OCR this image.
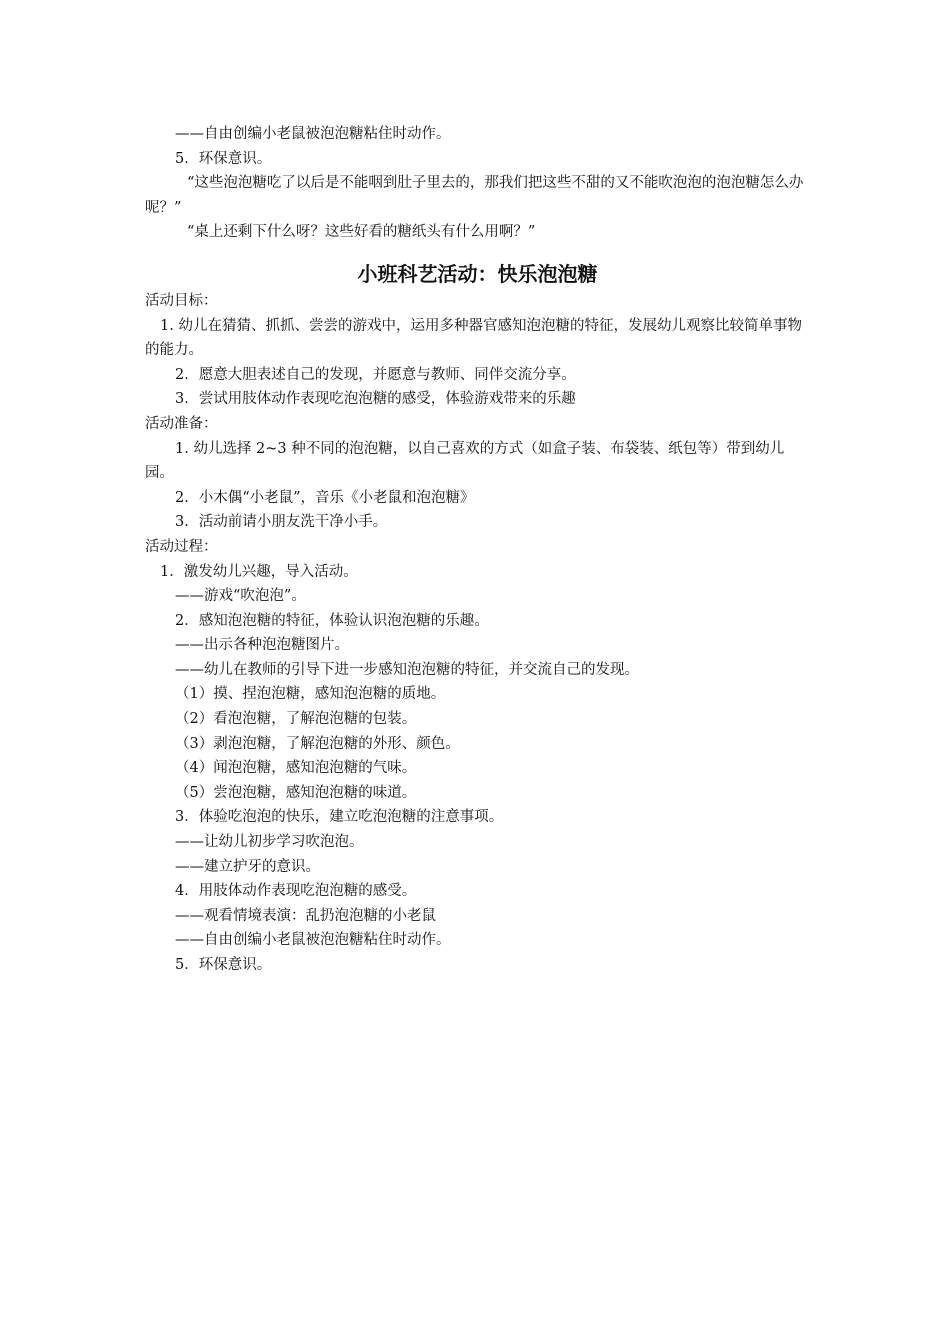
——自由创编小老鼠被泡泡糖粘住时动作。

5．环保意识。

“这些泡泡糖吃了以后是不能咽到肚子里去的，那我们把这些不甜的又不能吹泡泡的泡泡糖怎么办呢？”

“桌上还剩下什么呀？这些好看的糖纸头有什么用啊？”

小班科艺活动：快乐泡泡糖

活动目标：

1. 幼儿在猜猜、抓抓、尝尝的游戏中，运用多种器官感知泡泡糖的特征，发展幼儿观察比较简单事物的能力。

2．愿意大胆表述自己的发现，并愿意与教师、同伴交流分享。

3．尝试用肢体动作表现吃泡泡糖的感受，体验游戏带来的乐趣

活动准备：

1. 幼儿选择 2~3 种不同的泡泡糖，以自己喜欢的方式（如盒子装、布袋装、纸包等）带到幼儿园。

2．小木偶“小老鼠”，音乐《小老鼠和泡泡糖》

3．活动前请小朋友洗干净小手。

活动过程：

1．激发幼儿兴趣，导入活动。

——游戏“吹泡泡”。

2．感知泡泡糖的特征，体验认识泡泡糖的乐趣。

——出示各种泡泡糖图片。

——幼儿在教师的引导下进一步感知泡泡糖的特征，并交流自己的发现。

（1）摸、捏泡泡糖，感知泡泡糖的质地。

（2）看泡泡糖，了解泡泡糖的包装。

（3）剥泡泡糖，了解泡泡糖的外形、颜色。

（4）闻泡泡糖，感知泡泡糖的气味。

（5）尝泡泡糖，感知泡泡糖的味道。

3．体验吃泡泡的快乐，建立吃泡泡糖的注意事项。

——让幼儿初步学习吹泡泡。

——建立护牙的意识。

4．用肢体动作表现吃泡泡糖的感受。

——观看情境表演：乱扔泡泡糖的小老鼠

——自由创编小老鼠被泡泡糖粘住时动作。

5．环保意识。
